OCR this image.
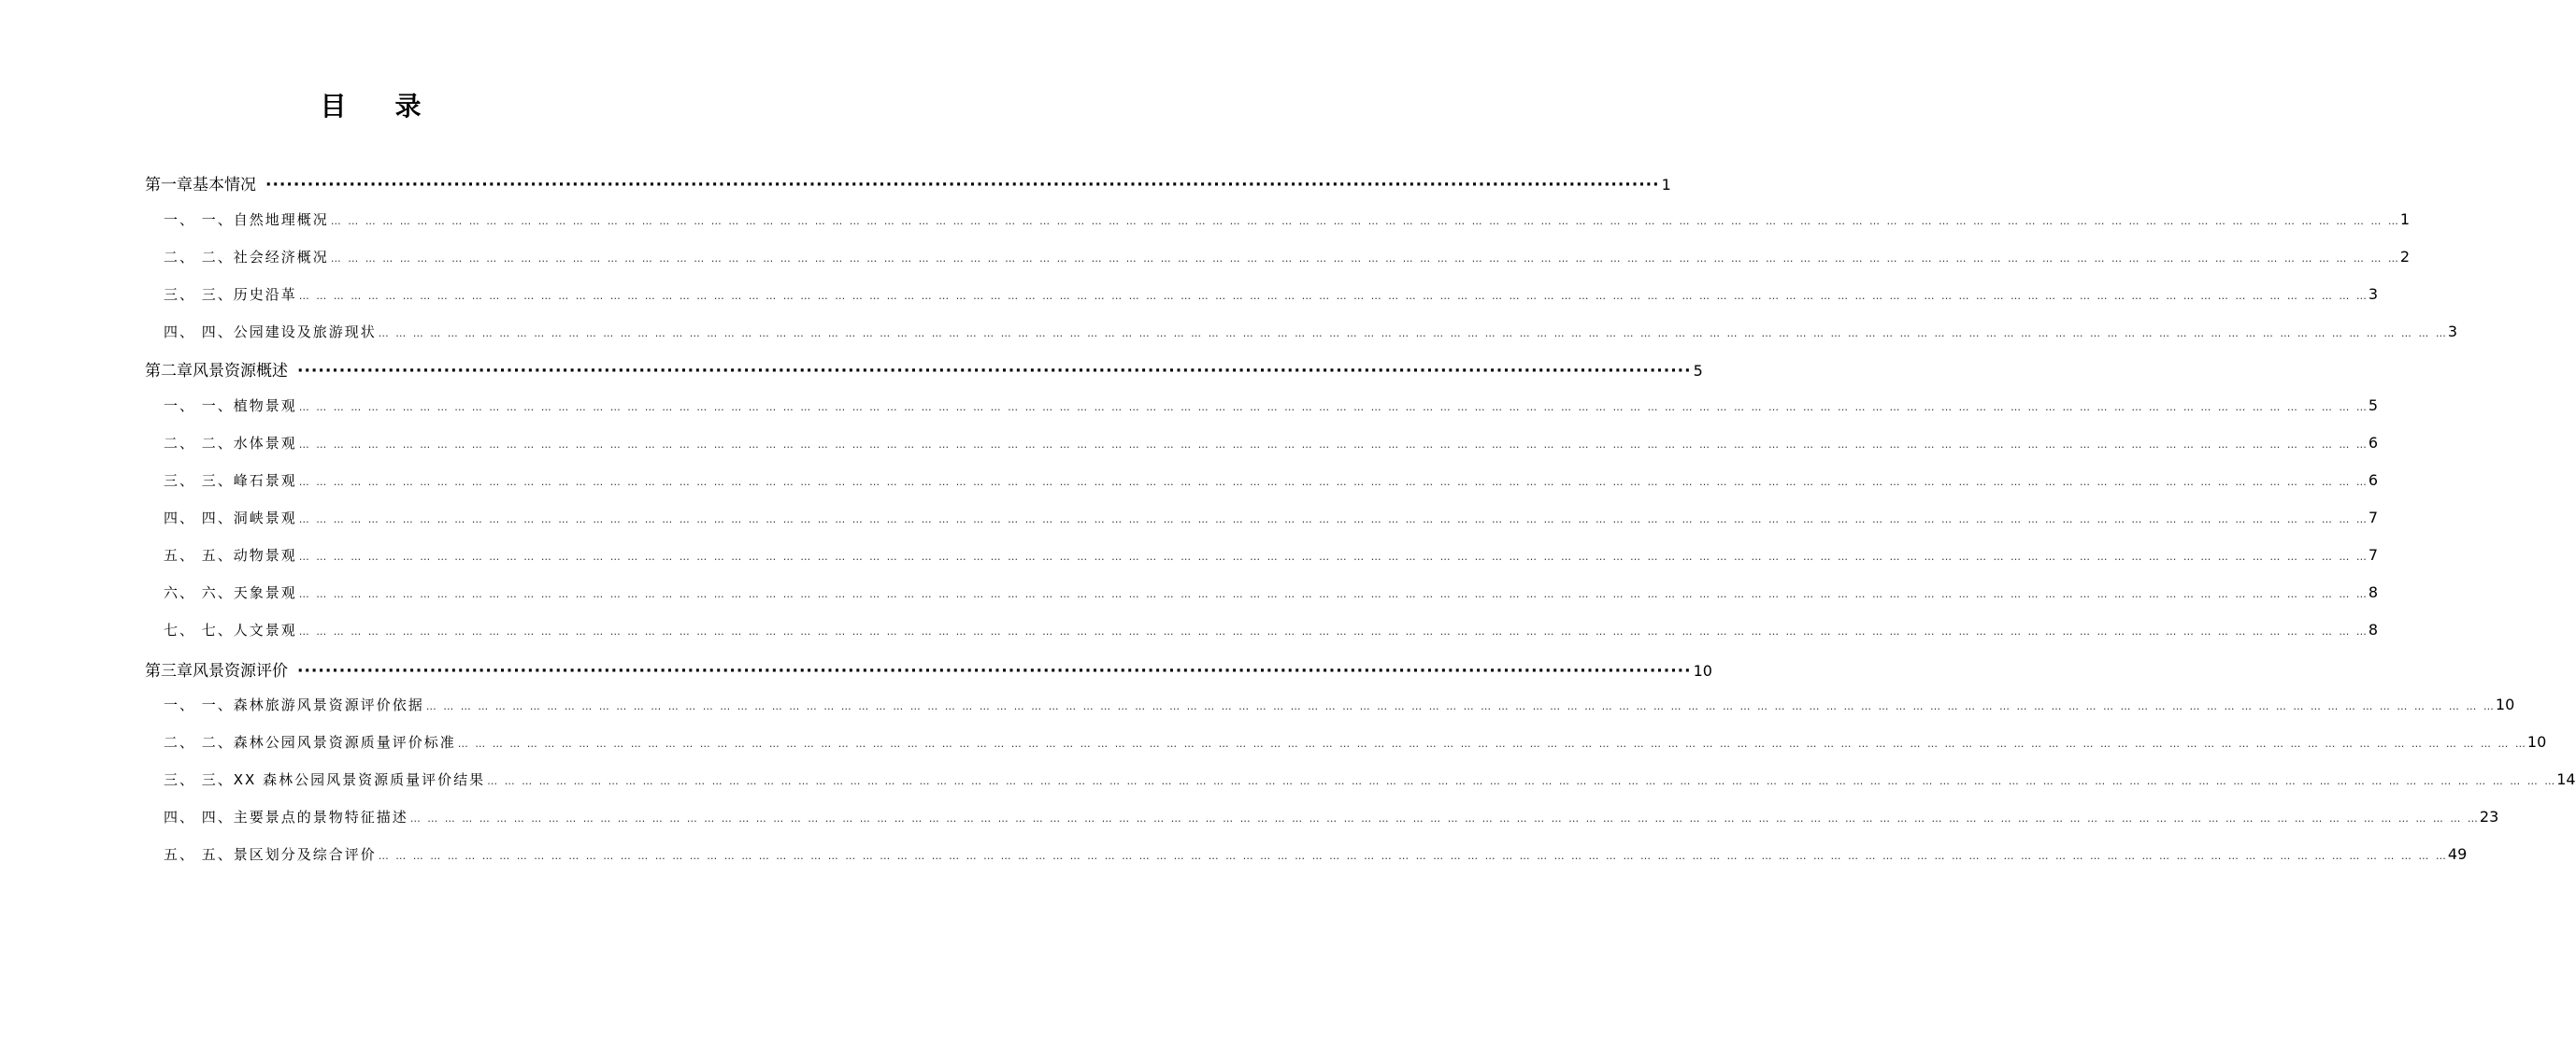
目 录
第一章 基本情况 ········································································································································································································ 1
一、 一、 自然地理概况 … … … … … … … … … … … … … … … … … … … … … … … … … … … … … … … … … … … … … … … … … … … … … … … … … … … … … … … … … … … … … … … … … … … … … … … … … … … … … … … … … … … … … … … … … … … … … … … … … … … … … … … … … … … … … … … … … … … … … … … … 1
二、 二、 社会经济概况 … … … … … … … … … … … … … … … … … … … … … … … … … … … … … … … … … … … … … … … … … … … … … … … … … … … … … … … … … … … … … … … … … … … … … … … … … … … … … … … … … … … … … … … … … … … … … … … … … … … … … … … … … … … … … … … … … … … … … … … … 2
三、 三、 历史沿革 … … … … … … … … … … … … … … … … … … … … … … … … … … … … … … … … … … … … … … … … … … … … … … … … … … … … … … … … … … … … … … … … … … … … … … … … … … … … … … … … … … … … … … … … … … … … … … … … … … … … … … … … … … … … … … … … … … … … … … … … 3
四、 四、 公园建设及旅游现状 … … … … … … … … … … … … … … … … … … … … … … … … … … … … … … … … … … … … … … … … … … … … … … … … … … … … … … … … … … … … … … … … … … … … … … … … … … … … … … … … … … … … … … … … … … … … … … … … … … … … … … … … … … … … … … … … … … … … … … … … 3
第二章 风景资源概述 ········································································································································································································ 5
一、 一、 植物景观 … … … … … … … … … … … … … … … … … … … … … … … … … … … … … … … … … … … … … … … … … … … … … … … … … … … … … … … … … … … … … … … … … … … … … … … … … … … … … … … … … … … … … … … … … … … … … … … … … … … … … … … … … … … … … … … … … … … … … … … … 5
二、 二、 水体景观 … … … … … … … … … … … … … … … … … … … … … … … … … … … … … … … … … … … … … … … … … … … … … … … … … … … … … … … … … … … … … … … … … … … … … … … … … … … … … … … … … … … … … … … … … … … … … … … … … … … … … … … … … … … … … … … … … … … … … … … … 6
三、 三、 峰石景观 … … … … … … … … … … … … … … … … … … … … … … … … … … … … … … … … … … … … … … … … … … … … … … … … … … … … … … … … … … … … … … … … … … … … … … … … … … … … … … … … … … … … … … … … … … … … … … … … … … … … … … … … … … … … … … … … … … … … … … … … 6
四、 四、 洞峡景观 … … … … … … … … … … … … … … … … … … … … … … … … … … … … … … … … … … … … … … … … … … … … … … … … … … … … … … … … … … … … … … … … … … … … … … … … … … … … … … … … … … … … … … … … … … … … … … … … … … … … … … … … … … … … … … … … … … … … … … … … 7
五、 五、 动物景观 … … … … … … … … … … … … … … … … … … … … … … … … … … … … … … … … … … … … … … … … … … … … … … … … … … … … … … … … … … … … … … … … … … … … … … … … … … … … … … … … … … … … … … … … … … … … … … … … … … … … … … … … … … … … … … … … … … … … … … … … 7
六、 六、 天象景观 … … … … … … … … … … … … … … … … … … … … … … … … … … … … … … … … … … … … … … … … … … … … … … … … … … … … … … … … … … … … … … … … … … … … … … … … … … … … … … … … … … … … … … … … … … … … … … … … … … … … … … … … … … … … … … … … … … … … … … … … 8
七、 七、 人文景观 … … … … … … … … … … … … … … … … … … … … … … … … … … … … … … … … … … … … … … … … … … … … … … … … … … … … … … … … … … … … … … … … … … … … … … … … … … … … … … … … … … … … … … … … … … … … … … … … … … … … … … … … … … … … … … … … … … … … … … … … 8
第三章 风景资源评价 ········································································································································································································ 10
一、 一、 森林旅游风景资源评价依据 … … … … … … … … … … … … … … … … … … … … … … … … … … … … … … … … … … … … … … … … … … … … … … … … … … … … … … … … … … … … … … … … … … … … … … … … … … … … … … … … … … … … … … … … … … … … … … … … … … … … … … … … … … … … … … … … … … … … … … … … 10
二、 二、 森林公园风景资源质量评价标准 … … … … … … … … … … … … … … … … … … … … … … … … … … … … … … … … … … … … … … … … … … … … … … … … … … … … … … … … … … … … … … … … … … … … … … … … … … … … … … … … … … … … … … … … … … … … … … … … … … … … … … … … … … … … … … … … … … … … … … … … 10
三、 三、 XX 森林公园风景资源质量评价结果 … … … … … … … … … … … … … … … … … … … … … … … … … … … … … … … … … … … … … … … … … … … … … … … … … … … … … … … … … … … … … … … … … … … … … … … … … … … … … … … … … … … … … … … … … … … … … … … … … … … … … … … … … … … … … … … … … … … … … … … … 14
四、 四、 主要景点的景物特征描述 … … … … … … … … … … … … … … … … … … … … … … … … … … … … … … … … … … … … … … … … … … … … … … … … … … … … … … … … … … … … … … … … … … … … … … … … … … … … … … … … … … … … … … … … … … … … … … … … … … … … … … … … … … … … … … … … … … … … … … … … 23
五、 五、 景区划分及综合评价 … … … … … … … … … … … … … … … … … … … … … … … … … … … … … … … … … … … … … … … … … … … … … … … … … … … … … … … … … … … … … … … … … … … … … … … … … … … … … … … … … … … … … … … … … … … … … … … … … … … … … … … … … … … … … … … … … … … … … … … … 49
